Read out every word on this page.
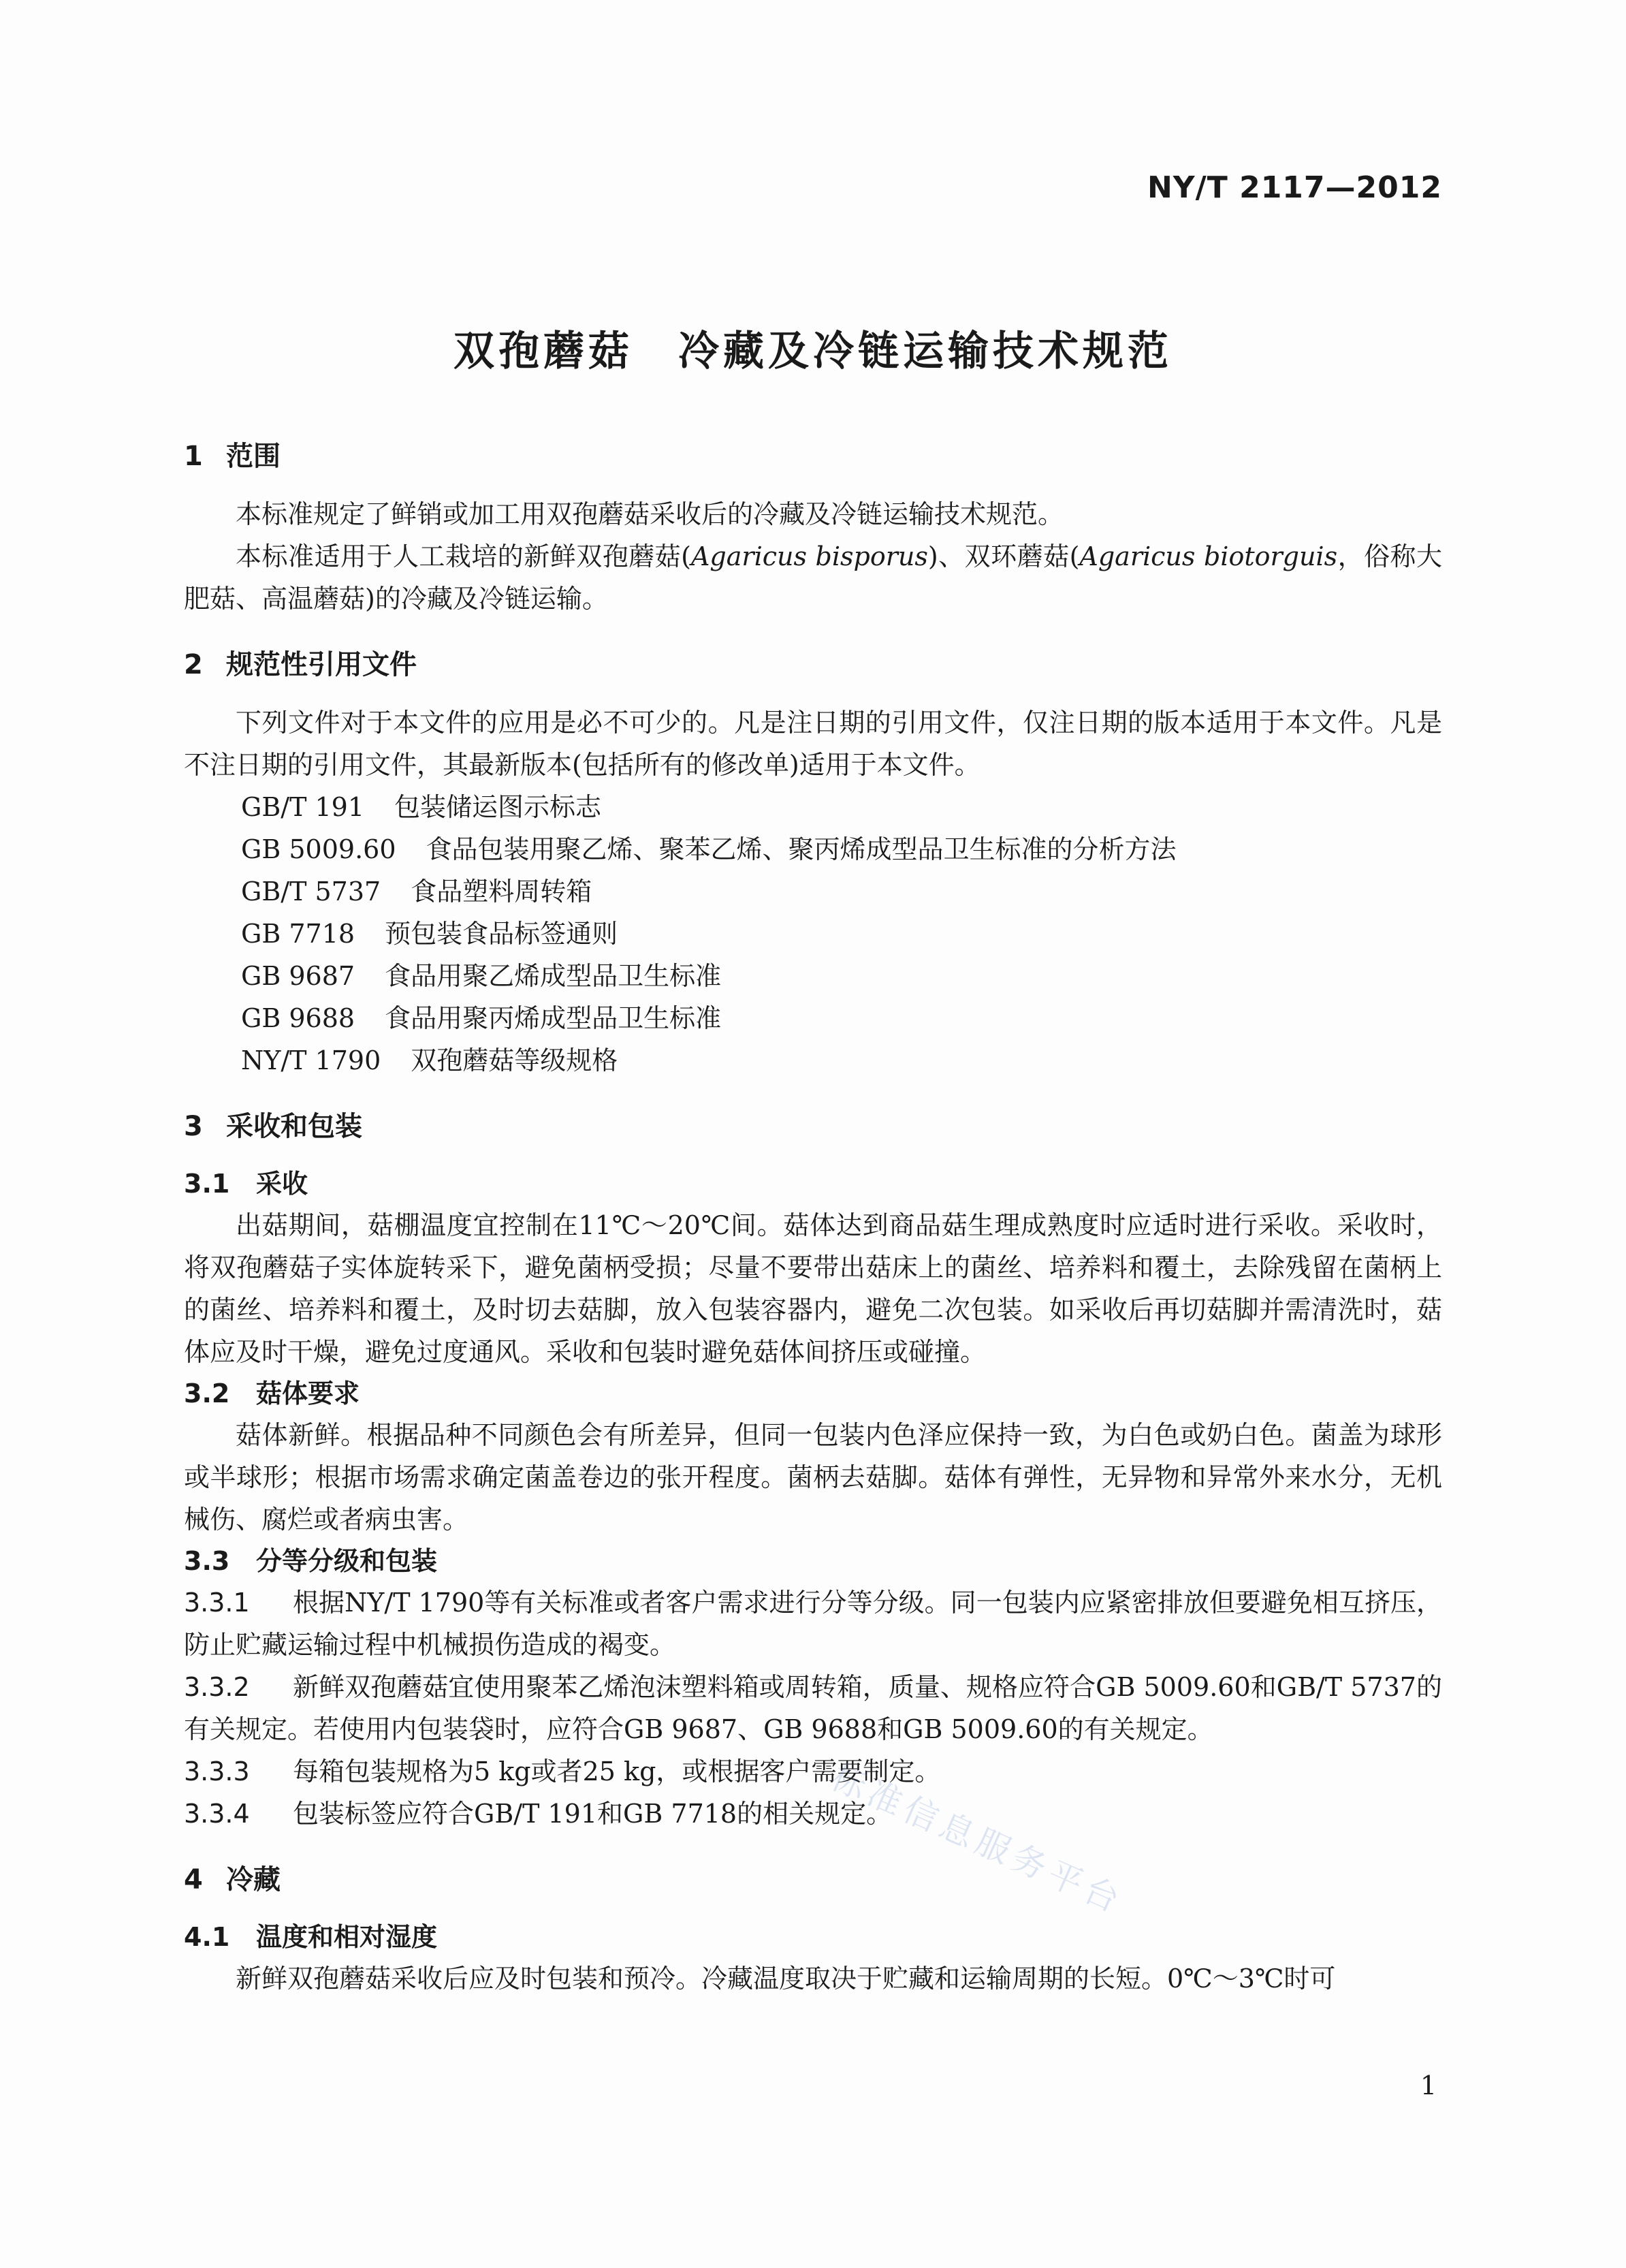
NY/T 2117—2012
双孢蘑菇　冷藏及冷链运输技术规范
1 范围

本标准规定了鲜销或加工用双孢蘑菇采收后的冷藏及冷链运输技术规范。

本标准适用于人工栽培的新鲜双孢蘑菇(Agaricus bisporus)、双环蘑菇(Agaricus biotorguis，俗称大肥菇、高温蘑菇)的冷藏及冷链运输。

2 规范性引用文件

下列文件对于本文件的应用是必不可少的。凡是注日期的引用文件，仅注日期的版本适用于本文件。凡是不注日期的引用文件，其最新版本(包括所有的修改单)适用于本文件。

GB/T 191 包装储运图示标志
GB 5009.60 食品包装用聚乙烯、聚苯乙烯、聚丙烯成型品卫生标准的分析方法
GB/T 5737 食品塑料周转箱
GB 7718 预包装食品标签通则
GB 9687 食品用聚乙烯成型品卫生标准
GB 9688 食品用聚丙烯成型品卫生标准
NY/T 1790 双孢蘑菇等级规格
3 采收和包装
3.1 采收

出菇期间，菇棚温度宜控制在11℃～20℃间。菇体达到商品菇生理成熟度时应适时进行采收。采收时，将双孢蘑菇子实体旋转采下，避免菌柄受损；尽量不要带出菇床上的菌丝、培养料和覆土，去除残留在菌柄上的菌丝、培养料和覆土，及时切去菇脚，放入包装容器内，避免二次包装。如采收后再切菇脚并需清洗时，菇体应及时干燥，避免过度通风。采收和包装时避免菇体间挤压或碰撞。

3.2 菇体要求

菇体新鲜。根据品种不同颜色会有所差异，但同一包装内色泽应保持一致，为白色或奶白色。菌盖为球形或半球形；根据市场需求确定菌盖卷边的张开程度。菌柄去菇脚。菇体有弹性，无异物和异常外来水分，无机械伤、腐烂或者病虫害。

3.3 分等分级和包装

3.3.1 根据NY/T 1790等有关标准或者客户需求进行分等分级。同一包装内应紧密排放但要避免相互挤压，防止贮藏运输过程中机械损伤造成的褐变。

3.3.2 新鲜双孢蘑菇宜使用聚苯乙烯泡沫塑料箱或周转箱，质量、规格应符合GB 5009.60和GB/T 5737的有关规定。若使用内包装袋时，应符合GB 9687、GB 9688和GB 5009.60的有关规定。

3.3.3 每箱包装规格为5 kg或者25 kg，或根据客户需要制定。

3.3.4 包装标签应符合GB/T 191和GB 7718的相关规定。

4 冷藏
4.1 温度和相对湿度

新鲜双孢蘑菇采收后应及时包装和预冷。冷藏温度取决于贮藏和运输周期的长短。0℃～3℃时可

标准信息服务平台
1
